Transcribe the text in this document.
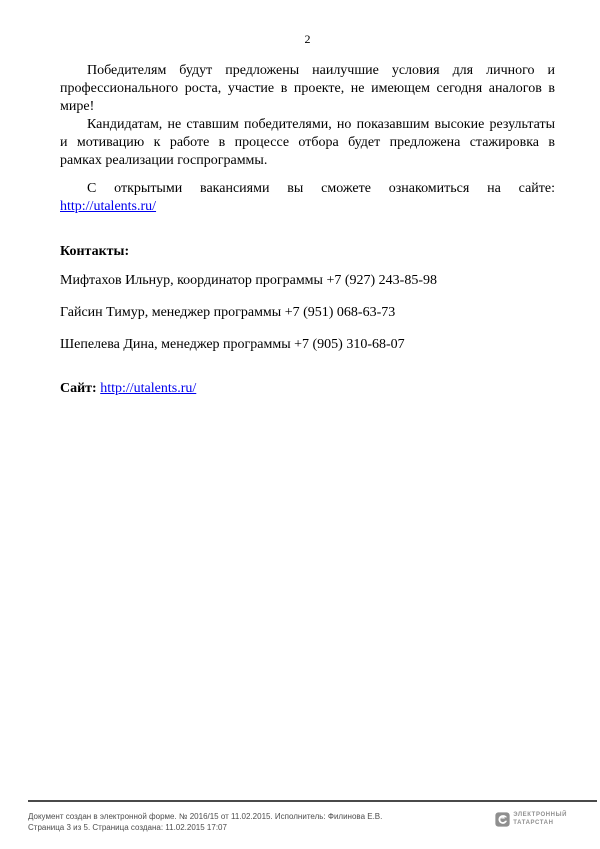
2
Победителям будут предложены наилучшие условия для личного и
профессионального роста, участие в проекте, не имеющем сегодня аналогов в
мире!
Кандидатам, не ставшим победителями, но показавшим высокие результаты
и мотивацию к работе в процессе отбора будет предложена стажировка в
рамках реализации госпрограммы.
С открытыми вакансиями вы сможете ознакомиться на сайте:
http://utalents.ru/
Контакты:

Мифтахов Ильнур, координатор программы +7 (927) 243-85-98

Гайсин Тимур, менеджер программы +7 (951) 068-63-73

Шепелева Дина, менеджер программы +7 (905) 310-68-07

Сайт: http://utalents.ru/
Документ создан в электронной форме. № 2016/15 от 11.02.2015. Исполнитель: Филинова Е.В.
Страница 3 из 5. Страница создана: 11.02.2015 17:07
ЭЛЕКТРОННЫЙ
ТАТАРСТАН
